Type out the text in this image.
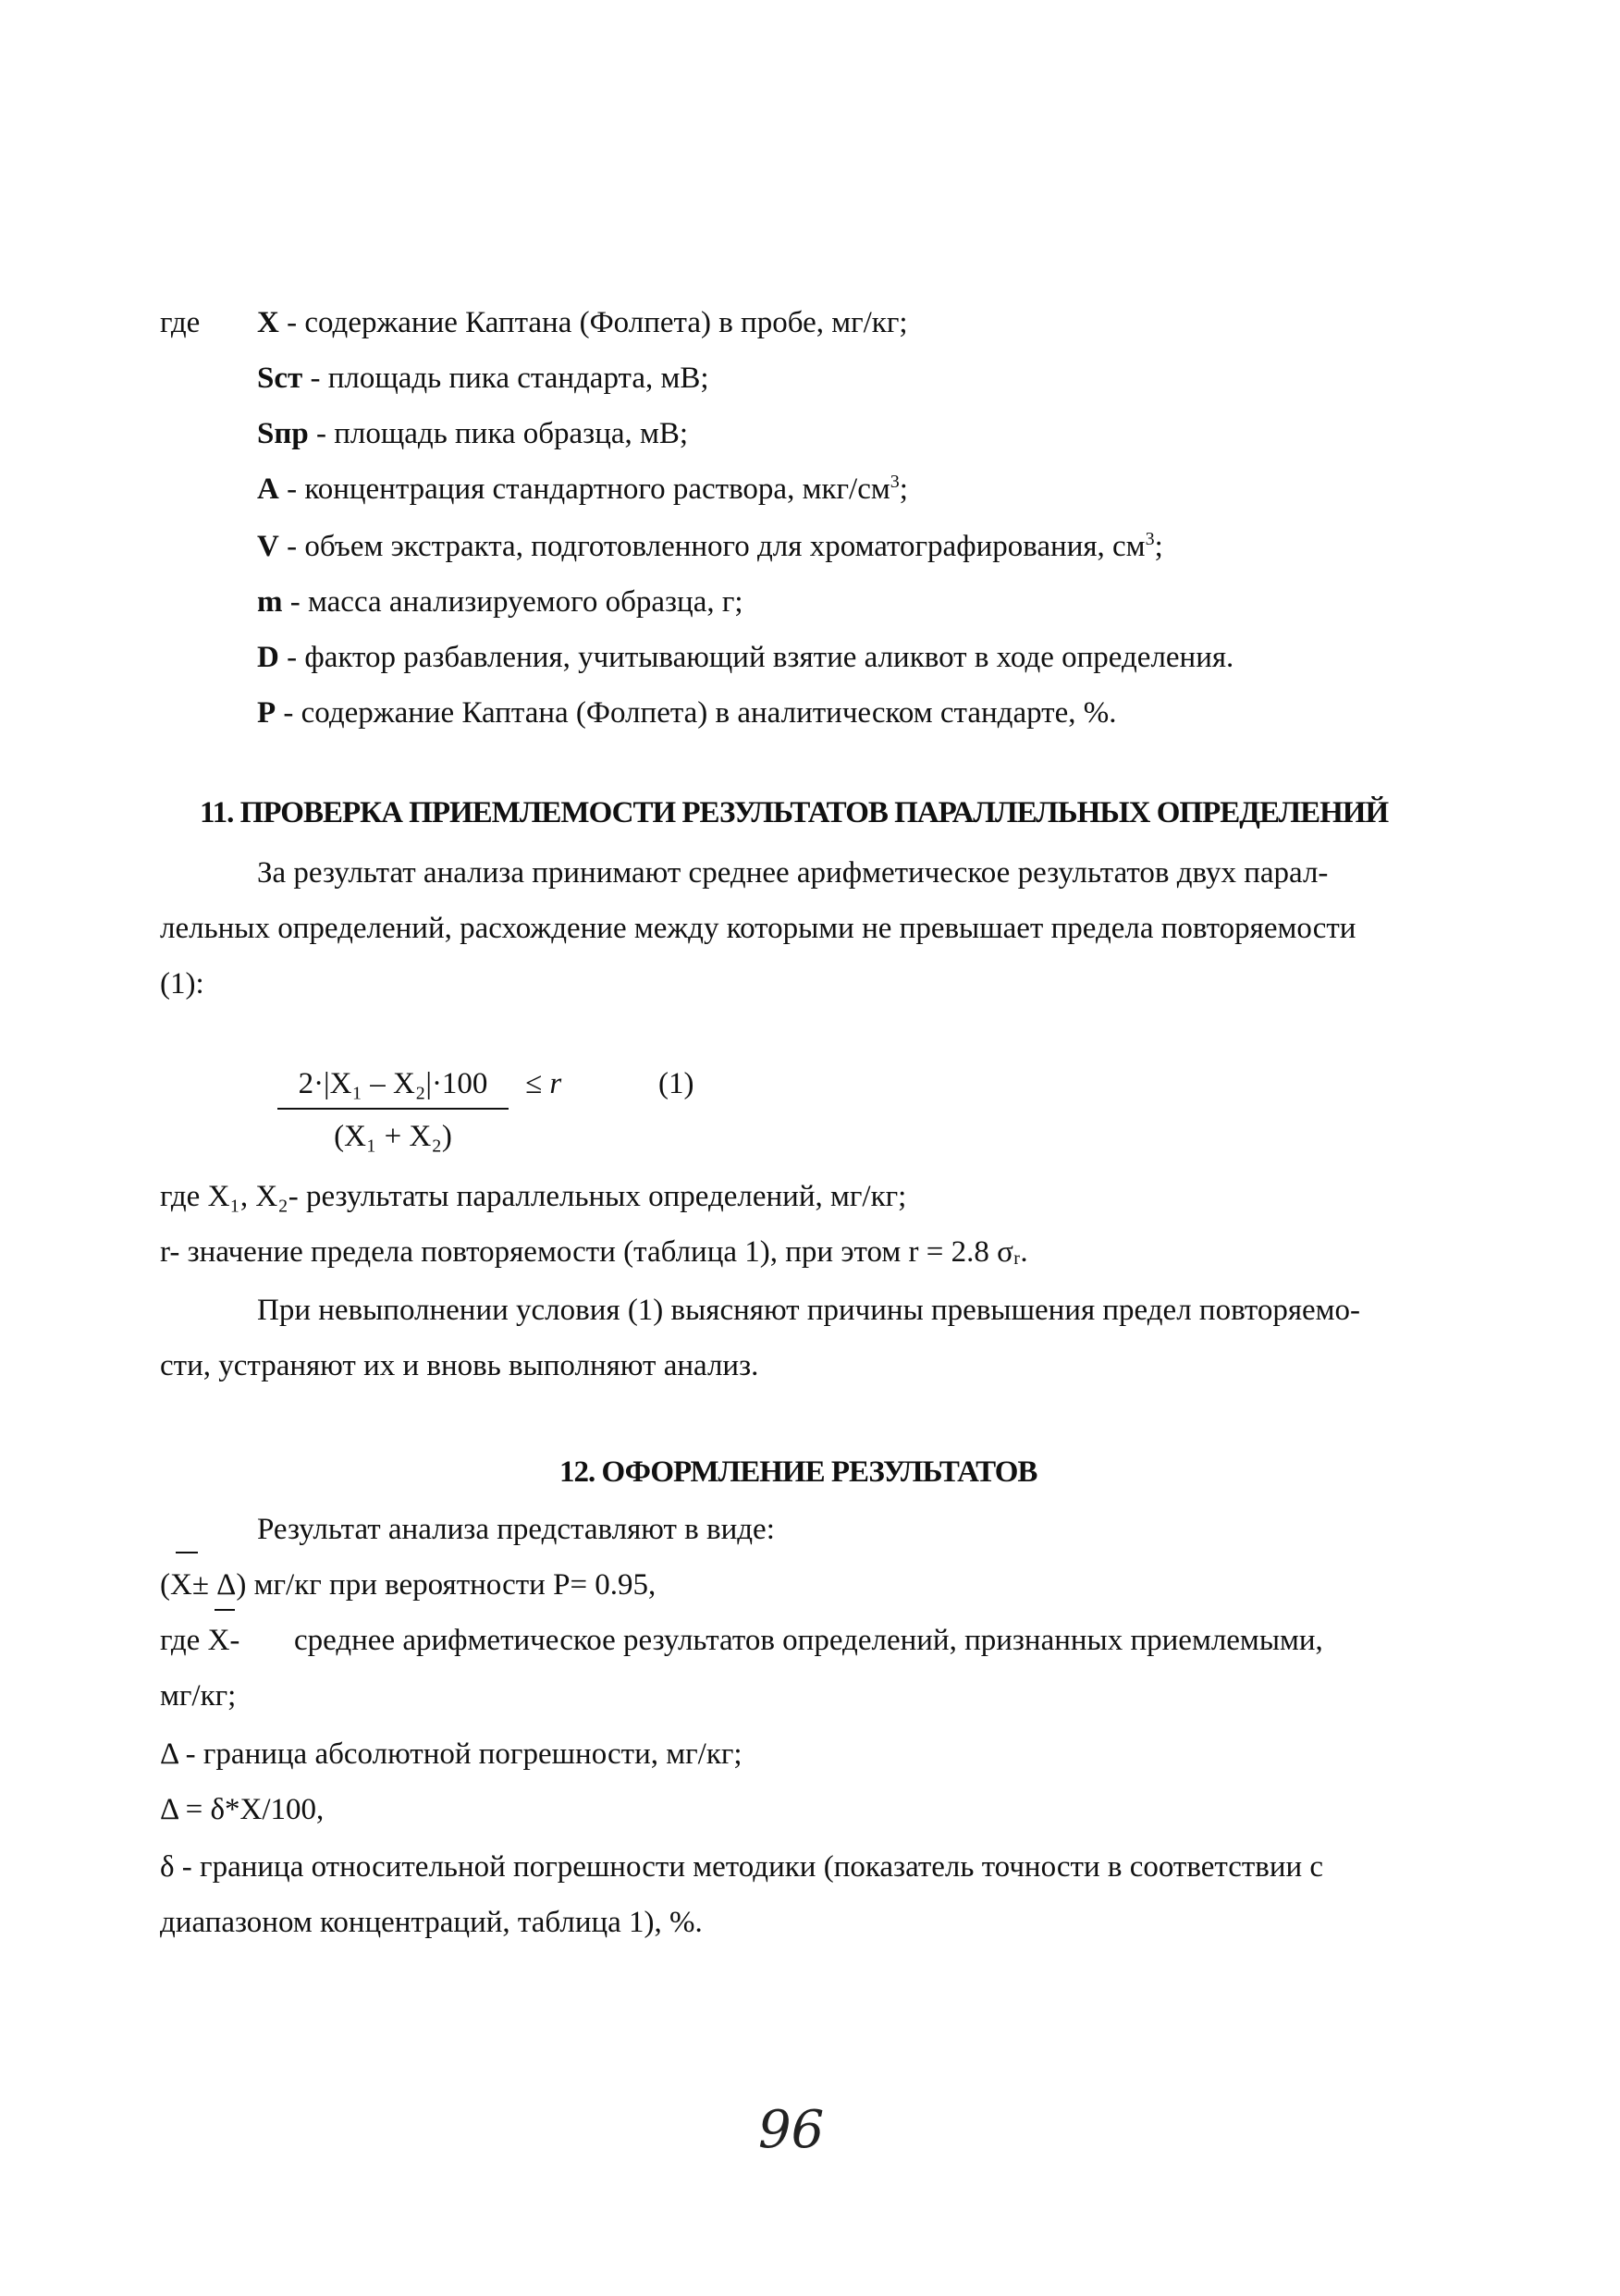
где X - содержание Каптана (Фолпета) в пробе, мг/кг;
Sст - площадь пика стандарта, мВ;
Sпр - площадь пика образца, мВ;
A - концентрация стандартного раствора, мкг/$см^3$;
V - объем экстракта, подготовленного для хроматографирования, $см^3$;
m - масса анализируемого образца, г;
D - фактор разбавления, учитывающий взятие аликвот в ходе определения.
P - содержание Каптана (Фолпета) в аналитическом стандарте, %.
11. ПРОВЕРКА ПРИЕМЛЕМОСТИ РЕЗУЛЬТАТОВ ПАРАЛЛЕЛЬНЫХ ОПРЕДЕЛЕНИЙ
За результат анализа принимают среднее арифметическое результатов двух парал-
лельных определений, расхождение между которыми не превышает предела повторяемости
(1):
2·|X₁ – X₂|·100
(X₁ + X₂)
≤ r	(1)
где X₁, X₂- результаты параллельных определений, мг/кг;
r- значение предела повторяемости (таблица 1), при этом r = 2.8 σᵣ.
При невыполнении условия (1) выясняют причины превышения предел повторяемо-
сти, устраняют их и вновь выполняют анализ.
12. ОФОРМЛЕНИЕ РЕЗУЛЬТАТОВ
Результат анализа представляют в виде:
(X± Δ) мг/кг при вероятности P= 0.95,
где X- среднее арифметическое результатов определений, признанных приемлемыми,
мг/кг;
Δ - граница абсолютной погрешности, мг/кг;
Δ = δ*X/100,
δ - граница относительной погрешности методики (показатель точности в соответствии с
диапазоном концентраций, таблица 1), %.
96
